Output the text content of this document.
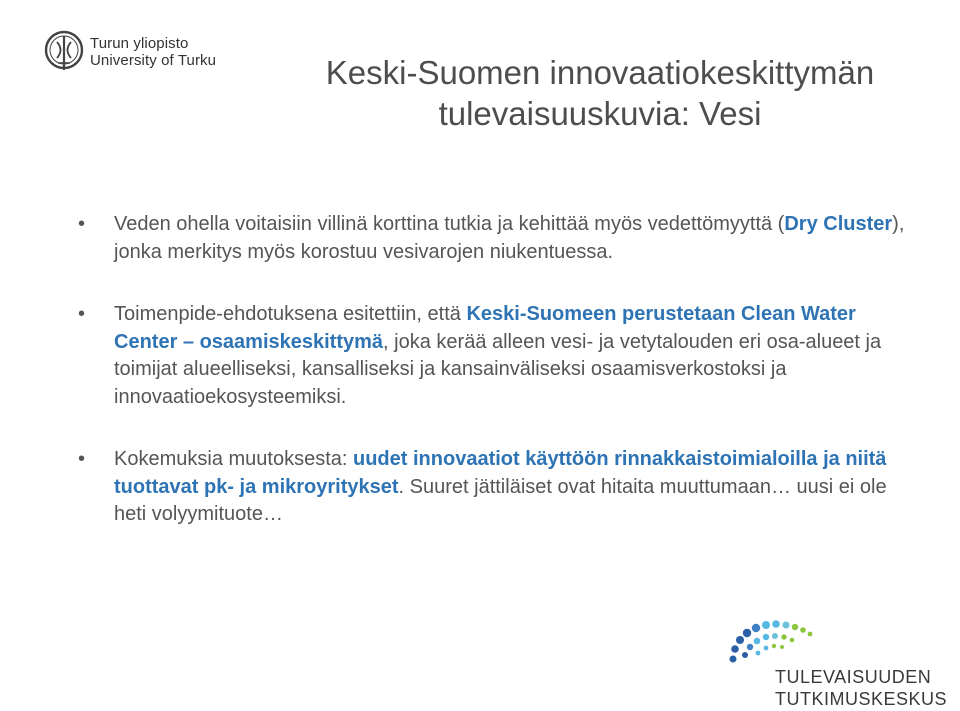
Turun yliopisto
University of Turku	Keski-Suomen innovaatiokeskittymän
tulevaisuuskuvia: Vesi
• Veden ohella voitaisiin villinä korttina tutkia ja kehittää myös vedettömyyttä (Dry Cluster), jonka merkitys myös korostuu vesivarojen niukentuessa.
• Toimenpide-ehdotuksena esitettiin, että Keski-Suomeen perustetaan Clean Water Center – osaamiskeskittymä, joka kerää alleen vesi- ja vetytalouden eri osa-alueet ja toimijat alueelliseksi, kansalliseksi ja kansainväliseksi osaamisverkostoksi ja innovaatioekosysteemiksi.
• Kokemuksia muutoksesta: uudet innovaatiot käyttöön rinnakkaistoimialoilla ja niitä tuottavat pk- ja mikroyritykset. Suuret jättiläiset ovat hitaita muuttumaan… uusi ei ole heti volyymituote…
TULEVAISUUDEN
TUTKIMUSKESKUS
